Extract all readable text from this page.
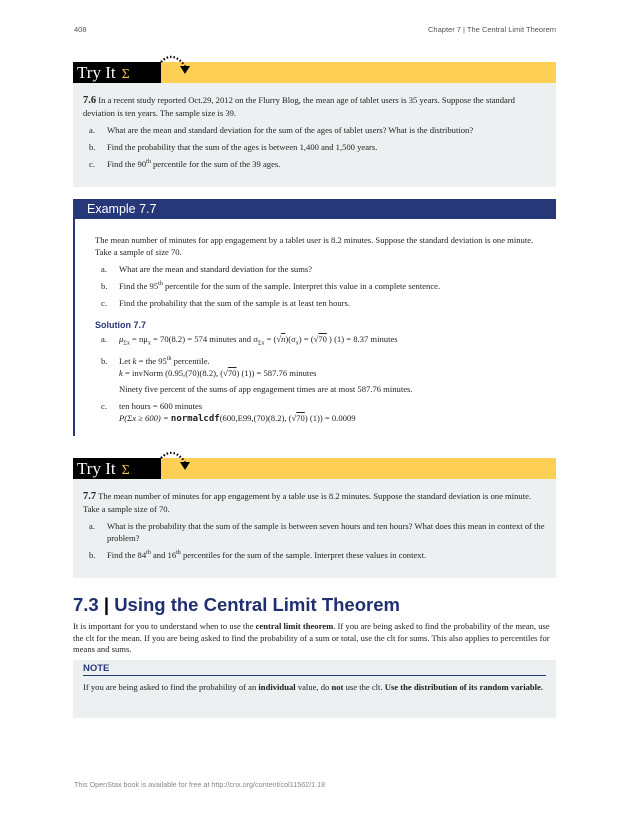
408	Chapter 7 | The Central Limit Theorem
Try It Σ
7.6 In a recent study reported Oct.29, 2012 on the Flurry Blog, the mean age of tablet users is 35 years. Suppose the standard deviation is ten years. The sample size is 39.
a. What are the mean and standard deviation for the sum of the ages of tablet users? What is the distribution?
b. Find the probability that the sum of the ages is between 1,400 and 1,500 years.
c. Find the 90th percentile for the sum of the 39 ages.
Example 7.7
The mean number of minutes for app engagement by a tablet user is 8.2 minutes. Suppose the standard deviation is one minute. Take a sample of size 70.
a. What are the mean and standard deviation for the sums?
b. Find the 95th percentile for the sum of the sample. Interpret this value in a complete sentence.
c. Find the probability that the sum of the sample is at least ten hours.
Solution 7.7
a. $\mu_{\Sigma x} = n\mu_x = 70(8.2) = 574$ minutes and $\sigma_{\Sigma x} = (√n)(\sigma_x) = (√70$ ) (1) = 8.37 minutes
b. Let k = the 95th percentile.
k = invNorm (0.95,(70)(8.2), (√70) (1)) = 587.76 minutes
Ninety five percent of the sums of app engagement times are at most 587.76 minutes.
c. ten hours = 600 minutes
P(Σx ≥ 600) = normalcdf(600,E99,(70)(8.2), (√70) (1)) = 0.0009
Try It Σ
7.7 The mean number of minutes for app engagement by a table use is 8.2 minutes. Suppose the standard deviation is one minute. Take a sample size of 70.
a. What is the probability that the sum of the sample is between seven hours and ten hours? What does this mean in context of the problem?
b. Find the 84th and 16th percentiles for the sum of the sample. Interpret these values in context.
7.3 | Using the Central Limit Theorem
It is important for you to understand when to use the central limit theorem. If you are being asked to find the probability of the mean, use the clt for the mean. If you are being asked to find the probability of a sum or total, use the clt for sums. This also applies to percentiles for means and sums.
NOTE
If you are being asked to find the probability of an individual value, do not use the clt. Use the distribution of its random variable.
This OpenStax book is available for free at http://cnx.org/content/col11562/1.18
